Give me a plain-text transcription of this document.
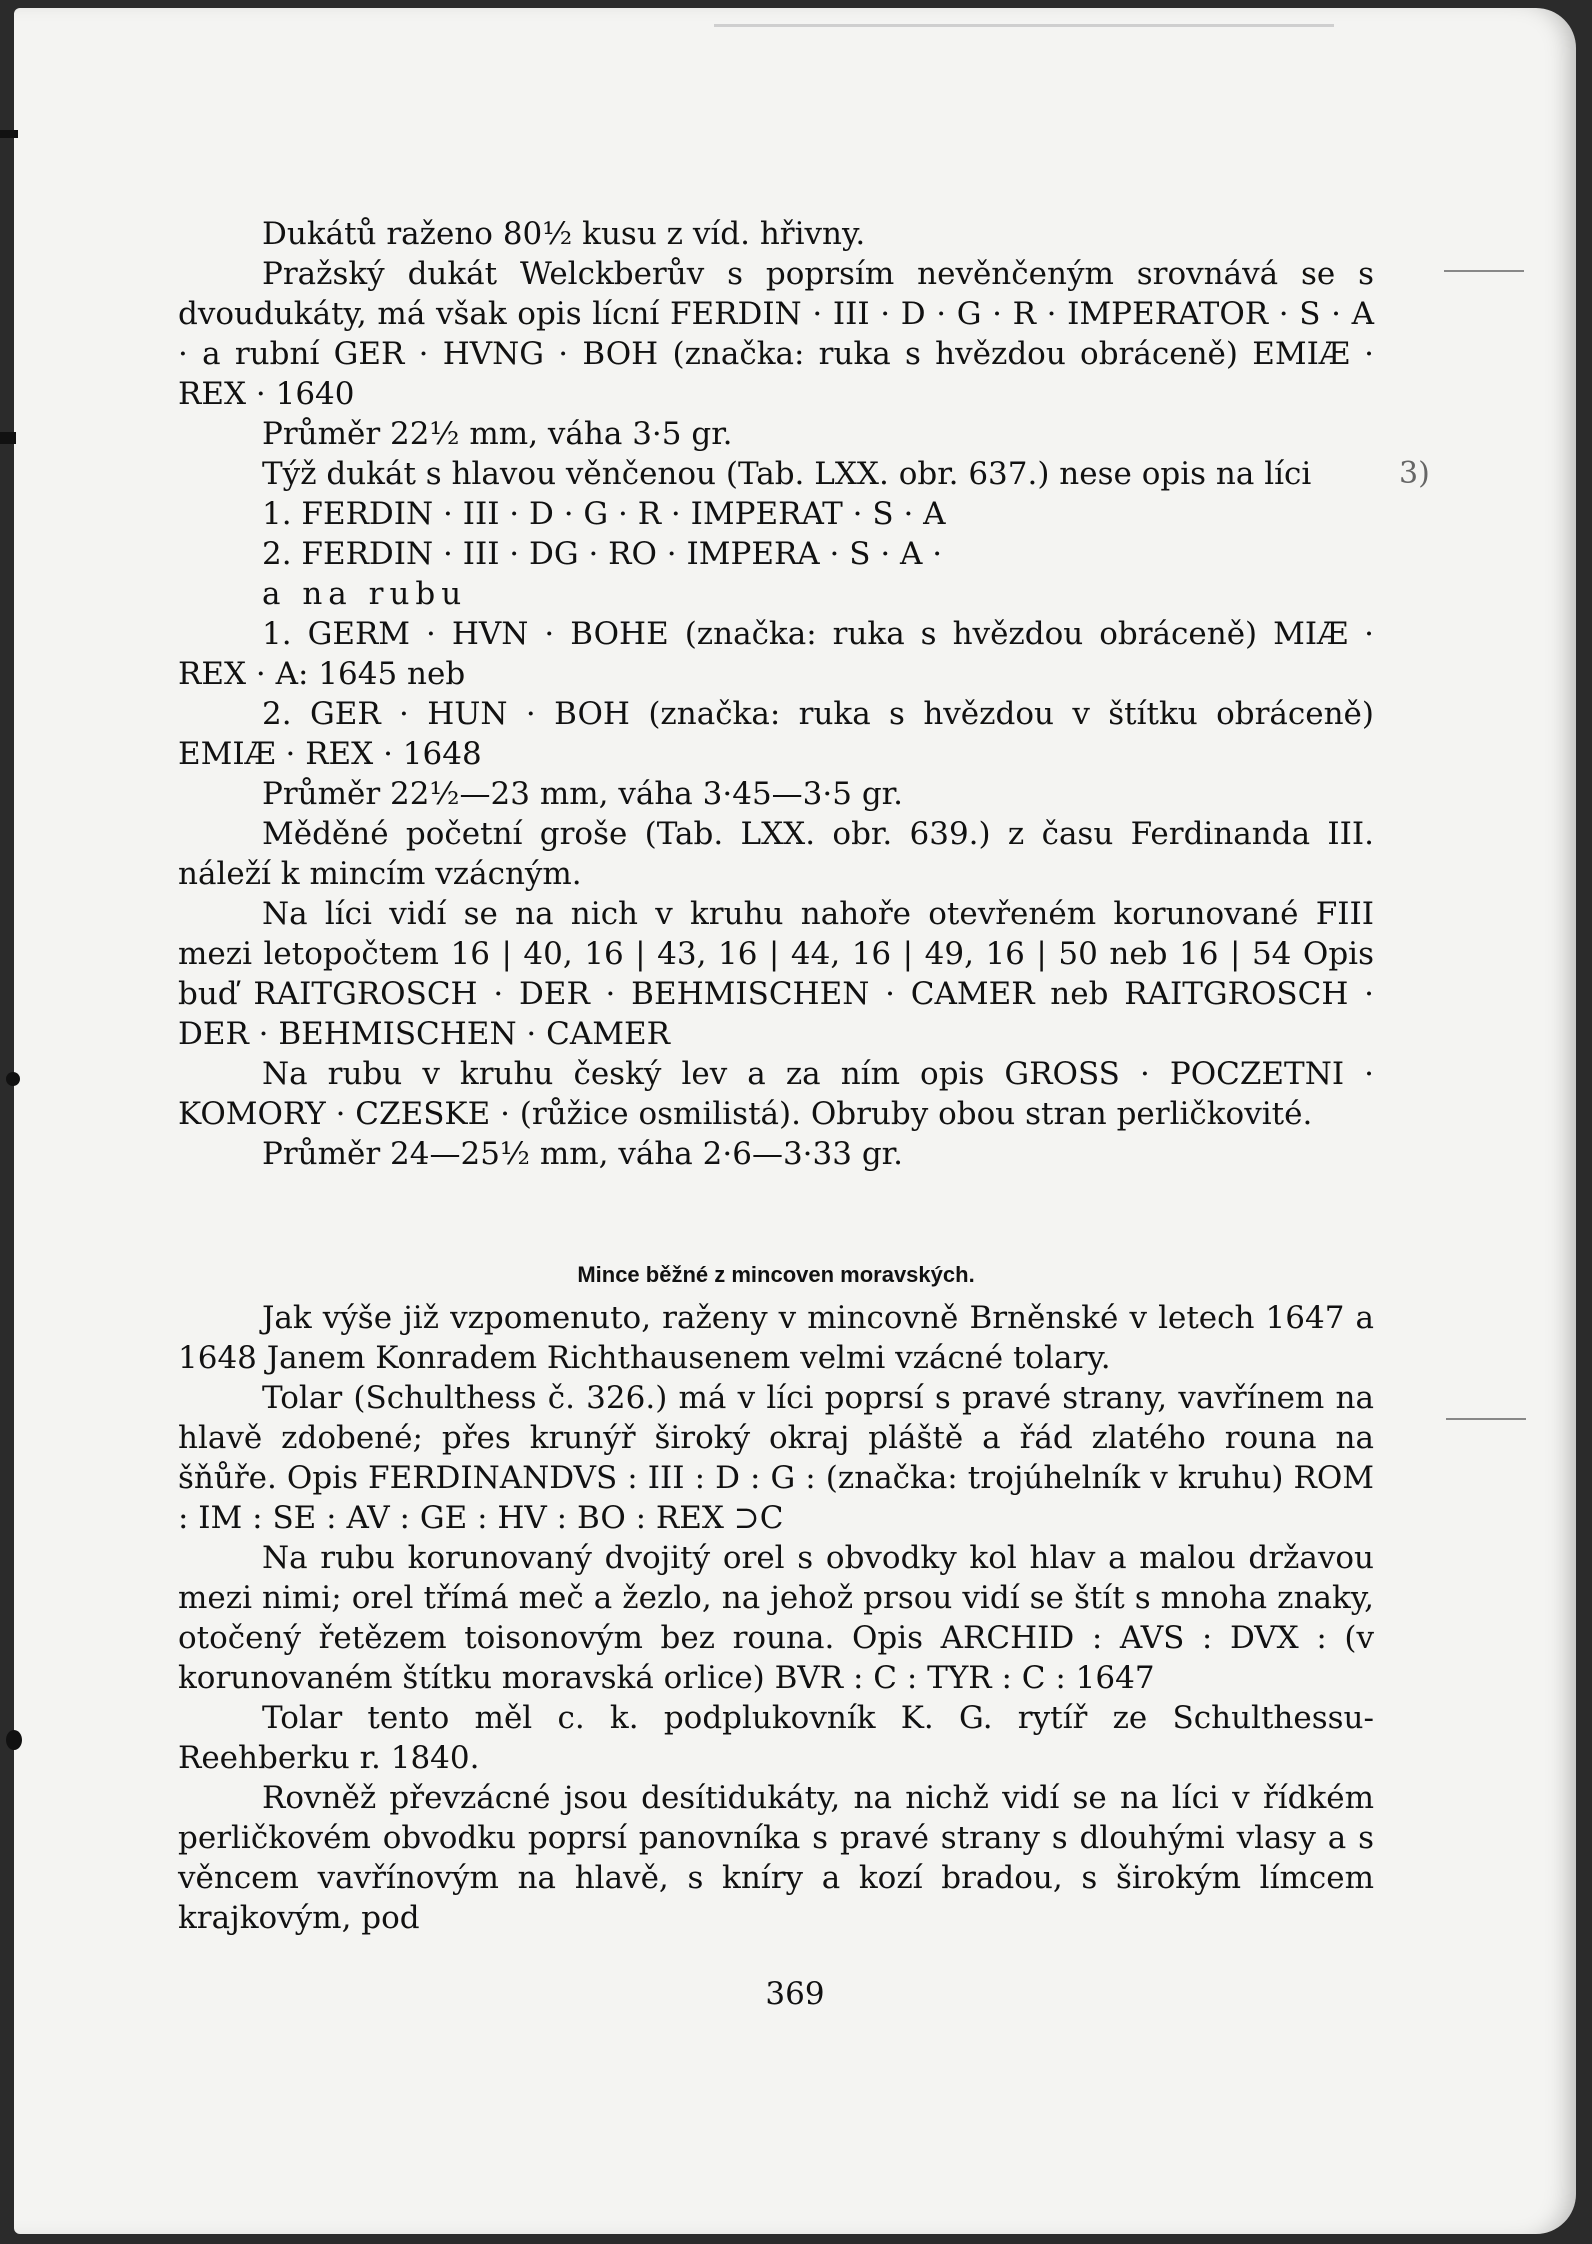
Dukátů raženo 80½ kusu z víd. hřivny.

Pražský dukát Welckberův s poprsím nevěnčeným srovnává se s dvoudukáty, má však opis lícní FERDIN · III · D · G · R · IMPERATOR · S · A · a rubní GER · HVNG · BOH (značka: ruka s hvězdou obráceně) EMIÆ · REX · 1640

Průměr 22½ mm, váha 3·5 gr.

Týž dukát s hlavou věnčenou (Tab. LXX. obr. 637.) nese opis na líci

1. FERDIN · III · D · G · R · IMPERAT · S · A
2. FERDIN · III · DG · RO · IMPERA · S · A ·
a na rubu

1. GERM · HVN · BOHE (značka: ruka s hvězdou obráceně) MIÆ · REX · A: 1645 neb

2. GER · HUN · BOH (značka: ruka s hvězdou v štítku obráceně) EMIÆ · REX · 1648

Průměr 22½—23 mm, váha 3·45—3·5 gr.

Měděné početní groše (Tab. LXX. obr. 639.) z času Ferdinanda III. náleží k mincím vzácným.

Na líci vidí se na nich v kruhu nahoře otevřeném korunované FIII mezi letopočtem 16 | 40, 16 | 43, 16 | 44, 16 | 49, 16 | 50 neb 16 | 54 Opis buď RAITGROSCH · DER · BEHMISCHEN · CAMER neb RAITGROSCH · DER · BEHMISCHEN · CAMER

Na rubu v kruhu český lev a za ním opis GROSS · POCZETNI · KOMORY · CZESKE · (růžice osmilistá). Obruby obou stran perličkovité.

Průměr 24—25½ mm, váha 2·6—3·33 gr.

Mince běžné z mincoven moravských.

Jak výše již vzpomenuto, raženy v mincovně Brněnské v letech 1647 a 1648 Janem Konradem Richthausenem velmi vzácné tolary.

Tolar (Schulthess č. 326.) má v líci poprsí s pravé strany, vavřínem na hlavě zdobené; přes krunýř široký okraj pláště a řád zlatého rouna na šňůře. Opis FERDINANDVS : III : D : G : (značka: trojúhelník v kruhu) ROM : IM : SE : AV : GE : HV : BO : REX ⊃C

Na rubu korunovaný dvojitý orel s obvodky kol hlav a malou državou mezi nimi; orel třímá meč a žezlo, na jehož prsou vidí se štít s mnoha znaky, otočený řetězem toisonovým bez rouna. Opis ARCHID : AVS : DVX : (v korunovaném štítku moravská orlice) BVR : C : TYR : C : 1647

Tolar tento měl c. k. podplukovník K. G. rytíř ze Schulthessu-Reehberku r. 1840.

Rovněž převzácné jsou desítidukáty, na nichž vidí se na líci v řídkém perličkovém obvodku poprsí panovníka s pravé strany s dlouhými vlasy a s věncem vavřínovým na hlavě, s kníry a kozí bradou, s širokým límcem krajkovým, pod

369
3)
